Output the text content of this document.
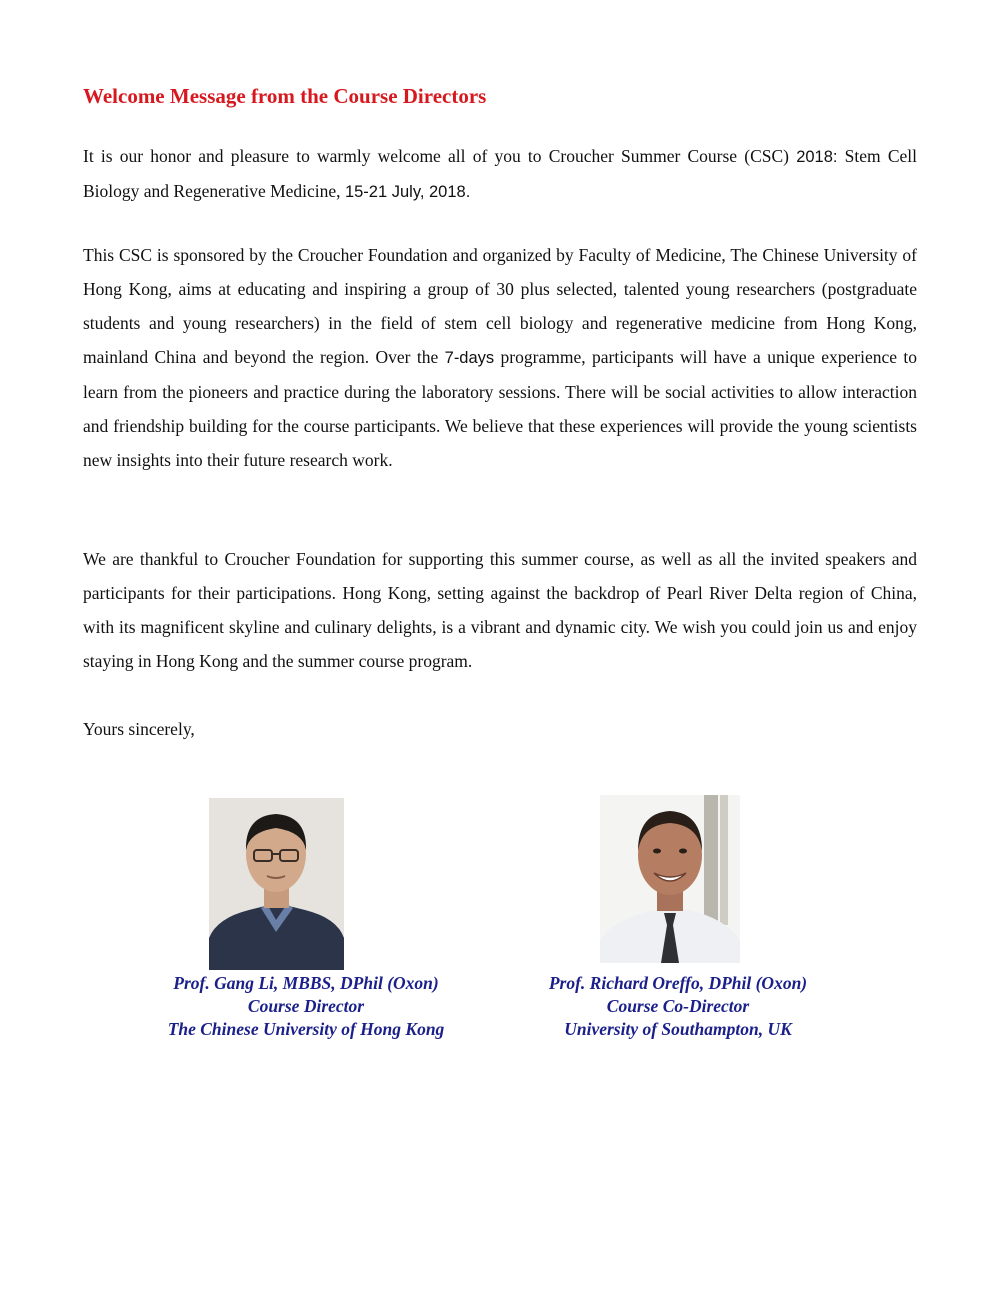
Welcome Message from the Course Directors

It is our honor and pleasure to warmly welcome all of you to Croucher Summer Course (CSC) 2018: Stem Cell Biology and Regenerative Medicine, 15-21 July, 2018.

This CSC is sponsored by the Croucher Foundation and organized by Faculty of Medicine, The Chinese University of Hong Kong, aims at educating and inspiring a group of 30 plus selected, talented young researchers (postgraduate students and young researchers) in the field of stem cell biology and regenerative medicine from Hong Kong, mainland China and beyond the region. Over the 7-days programme, participants will have a unique experience to learn from the pioneers and practice during the laboratory sessions. There will be social activities to allow interaction and friendship building for the course participants. We believe that these experiences will provide the young scientists new insights into their future research work.

We are thankful to Croucher Foundation for supporting this summer course, as well as all the invited speakers and participants for their participations. Hong Kong, setting against the backdrop of Pearl River Delta region of China, with its magnificent skyline and culinary delights, is a vibrant and dynamic city. We wish you could join us and enjoy staying in Hong Kong and the summer course program.

Yours sincerely,

Prof. Gang Li, MBBS, DPhil (Oxon)
Course Director
The Chinese University of Hong Kong
Prof. Richard Oreffo, DPhil (Oxon)
Course Co-Director
University of Southampton, UK
